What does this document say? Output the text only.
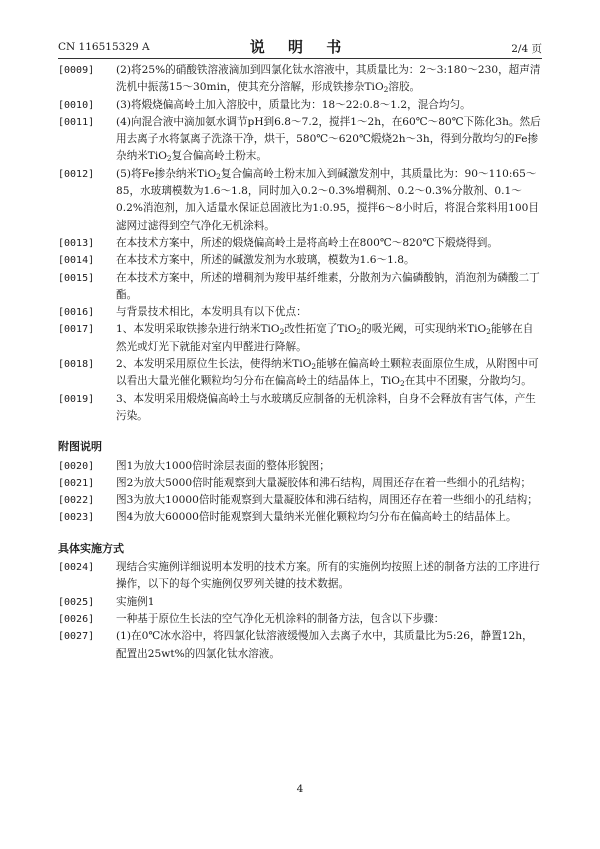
CN 116515329 A	说 明 书	2/4 页
[0009] (2)将25%的硝酸铁溶液滴加到四氯化钛水溶液中，其质量比为：2～3:180～230，超声清洗机中振荡15～30min，使其充分溶解，形成铁掺杂TiO$_2$溶胶。
[0010] (3)将煅烧偏高岭土加入溶胶中，质量比为：18～22:0.8～1.2，混合均匀。
[0011] (4)向混合液中滴加氨水调节pH到6.8～7.2，搅拌1～2h，在60℃～80℃下陈化3h。然后用去离子水将氯离子洗涤干净，烘干，580℃～620℃煅烧2h～3h，得到分散均匀的Fe掺杂纳米TiO$_2$复合偏高岭土粉末。
[0012] (5)将Fe掺杂纳米TiO$_2$复合偏高岭土粉末加入到碱激发剂中，其质量比为：90～110:65～85，水玻璃模数为1.6～1.8，同时加入0.2～0.3%增稠剂、0.2～0.3%分散剂、0.1～0.2%消泡剂，加入适量水保证总固液比为1:0.95，搅拌6～8小时后，将混合浆料用100目滤网过滤得到空气净化无机涂料。
[0013] 在本技术方案中，所述的煅烧偏高岭土是将高岭土在800℃～820℃下煅烧得到。
[0014] 在本技术方案中，所述的碱激发剂为水玻璃，模数为1.6～1.8。
[0015] 在本技术方案中，所述的增稠剂为羧甲基纤维素，分散剂为六偏磷酸钠，消泡剂为磷酸二丁酯。
[0016] 与背景技术相比，本发明具有以下优点：
[0017] 1、本发明采取铁掺杂进行纳米TiO$_2$改性拓宽了TiO$_2$的吸光阈，可实现纳米TiO$_2$能够在自然光或灯光下就能对室内甲醛进行降解。
[0018] 2、本发明采用原位生长法，使得纳米TiO$_2$能够在偏高岭土颗粒表面原位生成，从附图中可以看出大量光催化颗粒均匀分布在偏高岭土的结晶体上，TiO$_2$在其中不团聚，分散均匀。
[0019] 3、本发明采用煅烧偏高岭土与水玻璃反应制备的无机涂料，自身不会释放有害气体，产生污染。
附图说明
[0020] 图1为放大1000倍时涂层表面的整体形貌图；
[0021] 图2为放大5000倍时能观察到大量凝胶体和沸石结构，周围还存在着一些细小的孔结构；
[0022] 图3为放大10000倍时能观察到大量凝胶体和沸石结构，周围还存在着一些细小的孔结构；
[0023] 图4为放大60000倍时能观察到大量纳米光催化颗粒均匀分布在偏高岭土的结晶体上。
具体实施方式
[0024] 现结合实施例详细说明本发明的技术方案。所有的实施例均按照上述的制备方法的工序进行操作，以下的每个实施例仅罗列关键的技术数据。
[0025] 实施例1
[0026] 一种基于原位生长法的空气净化无机涂料的制备方法，包含以下步骤：
[0027] (1)在0℃冰水浴中，将四氯化钛溶液缓慢加入去离子水中，其质量比为5:26，静置12h，配置出25wt%的四氯化钛水溶液。
4
